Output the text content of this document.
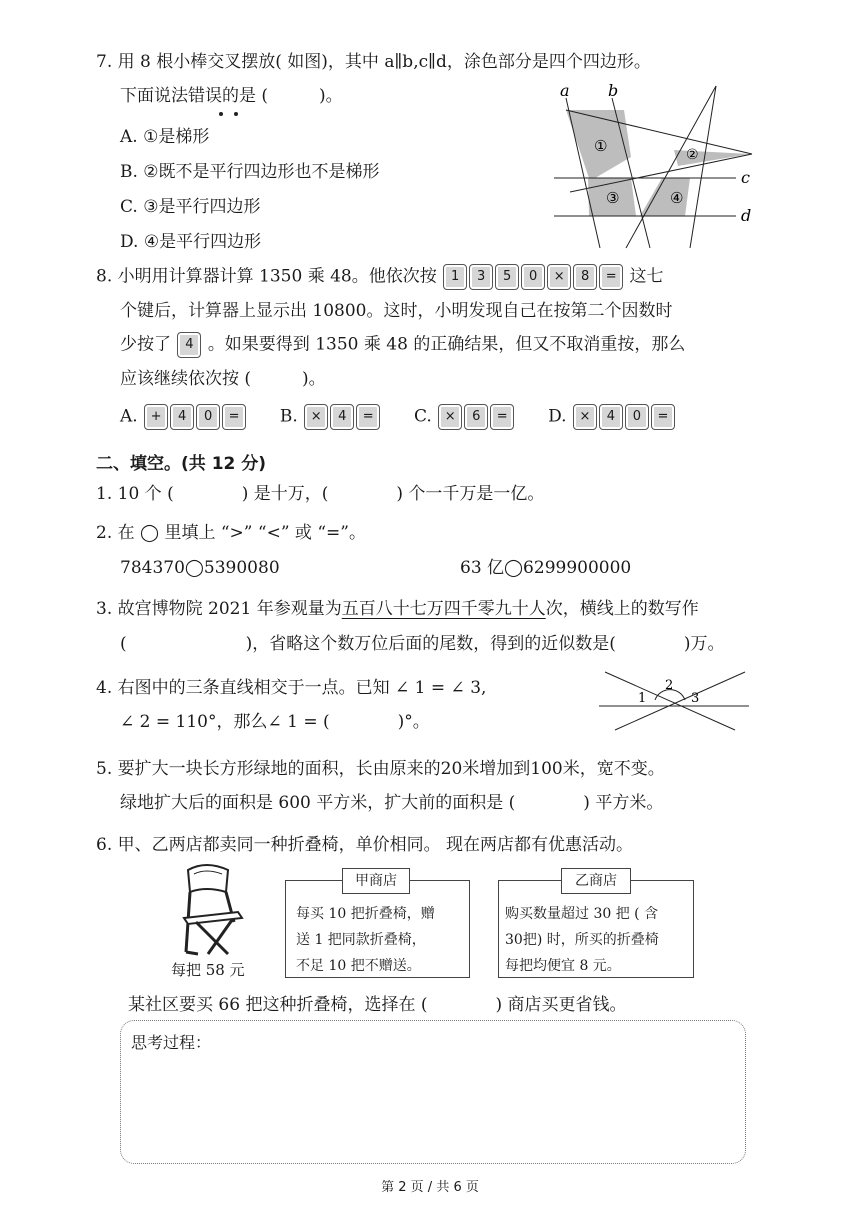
7. 用 8 根小棒交叉摆放( 如图)，其中 a∥b,c∥d，涂色部分是四个四边形。
下面说法错误的是 (　　　)。
A. ①是梯形
B. ②既不是平行四边形也不是梯形
C. ③是平行四边形
D. ④是平行四边形
a b
c
d
①	②
③	④
8. 小明用计算器计算 1350 乘 48。他依次按 1 3 5 0 × 8 = 这七
个键后，计算器上显示出 10800。这时，小明发现自己在按第二个因数时
少按了 4 。如果要得到 1350 乘 48 的正确结果，但又不取消重按，那么
应该继续依次按 (　　　)。
A. + 4 0 = B. × 4 = C. × 6 = D. × 4 0 =
二、填空。(共 12 分)
1. 10 个 (　　　　) 是十万，(　　　　) 个一千万是一亿。
2. 在 ◯ 里填上 “>” “<” 或 “=”。
784370◯5390080	63 亿◯6299900000
3. 故宫博物院 2021 年参观量为五百八十七万四千零九十人次，横线上的数写作
(　　　　　　　)，省略这个数万位后面的尾数，得到的近似数是(　　　　)万。
4. 右图中的三条直线相交于一点。已知 ∠ 1 = ∠ 3,
∠ 2 = 110°，那么∠ 1 = (　　　　)°。
1
2
3
5. 要扩大一块长方形绿地的面积，长由原来的20米增加到100米，宽不变。
绿地扩大后的面积是 600 平方米，扩大前的面积是 (　　　　) 平方米。
6. 甲、乙两店都卖同一种折叠椅，单价相同。 现在两店都有优惠活动。
每把 58 元
甲商店
每买 10 把折叠椅，赠
送 1 把同款折叠椅，
不足 10 把不赠送。
乙商店
购买数量超过 30 把 ( 含
30把) 时，所买的折叠椅
每把均便宜 8 元。
某社区要买 66 把这种折叠椅，选择在 (　　　　) 商店买更省钱。
思考过程：
第 2 页 / 共 6 页
